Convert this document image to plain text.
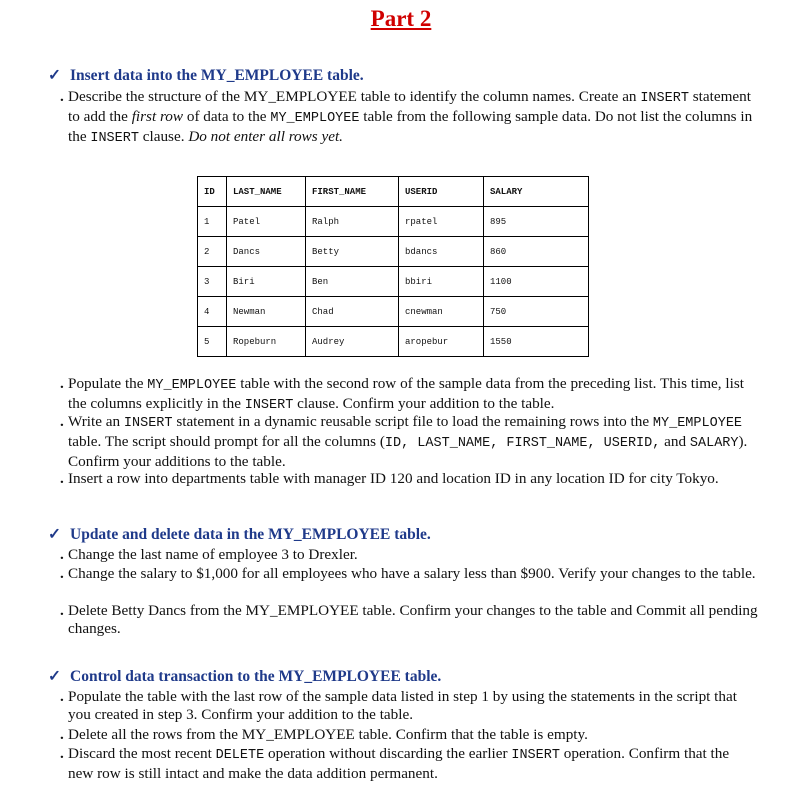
Part 2
✓ Insert data into the MY_EMPLOYEE table.
. Describe the structure of the MY_EMPLOYEE table to identify the column names. Create an INSERT statement to add the first row of data to the MY_EMPLOYEE table from the following sample data. Do not list the columns in the INSERT clause. Do not enter all rows yet.
ID	LAST_NAME	FIRST_NAME	USERID	SALARY
1	Patel	Ralph	rpatel	895
2	Dancs	Betty	bdancs	860
3	Biri	Ben	bbiri	1100
4	Newman	Chad	cnewman	750
5	Ropeburn	Audrey	aropebur	1550
. Populate the MY_EMPLOYEE table with the second row of the sample data from the preceding list. This time, list the columns explicitly in the INSERT clause. Confirm your addition to the table.
. Write an INSERT statement in a dynamic reusable script file to load the remaining rows into the MY_EMPLOYEE table. The script should prompt for all the columns (ID, LAST_NAME, FIRST_NAME, USERID, and SALARY). Confirm your additions to the table.
. Insert a row into departments table with manager ID 120 and location ID in any location ID for city Tokyo.
✓ Update and delete data in the MY_EMPLOYEE table.
. Change the last name of employee 3 to Drexler.
. Change the salary to $1,000 for all employees who have a salary less than $900. Verify your changes to the table.
. Delete Betty Dancs from the MY_EMPLOYEE table. Confirm your changes to the table and Commit all pending changes.
✓ Control data transaction to the MY_EMPLOYEE table.
. Populate the table with the last row of the sample data listed in step 1 by using the statements in the script that you created in step 3. Confirm your addition to the table.
. Delete all the rows from the MY_EMPLOYEE table. Confirm that the table is empty.
. Discard the most recent DELETE operation without discarding the earlier INSERT operation. Confirm that the new row is still intact and make the data addition permanent.
